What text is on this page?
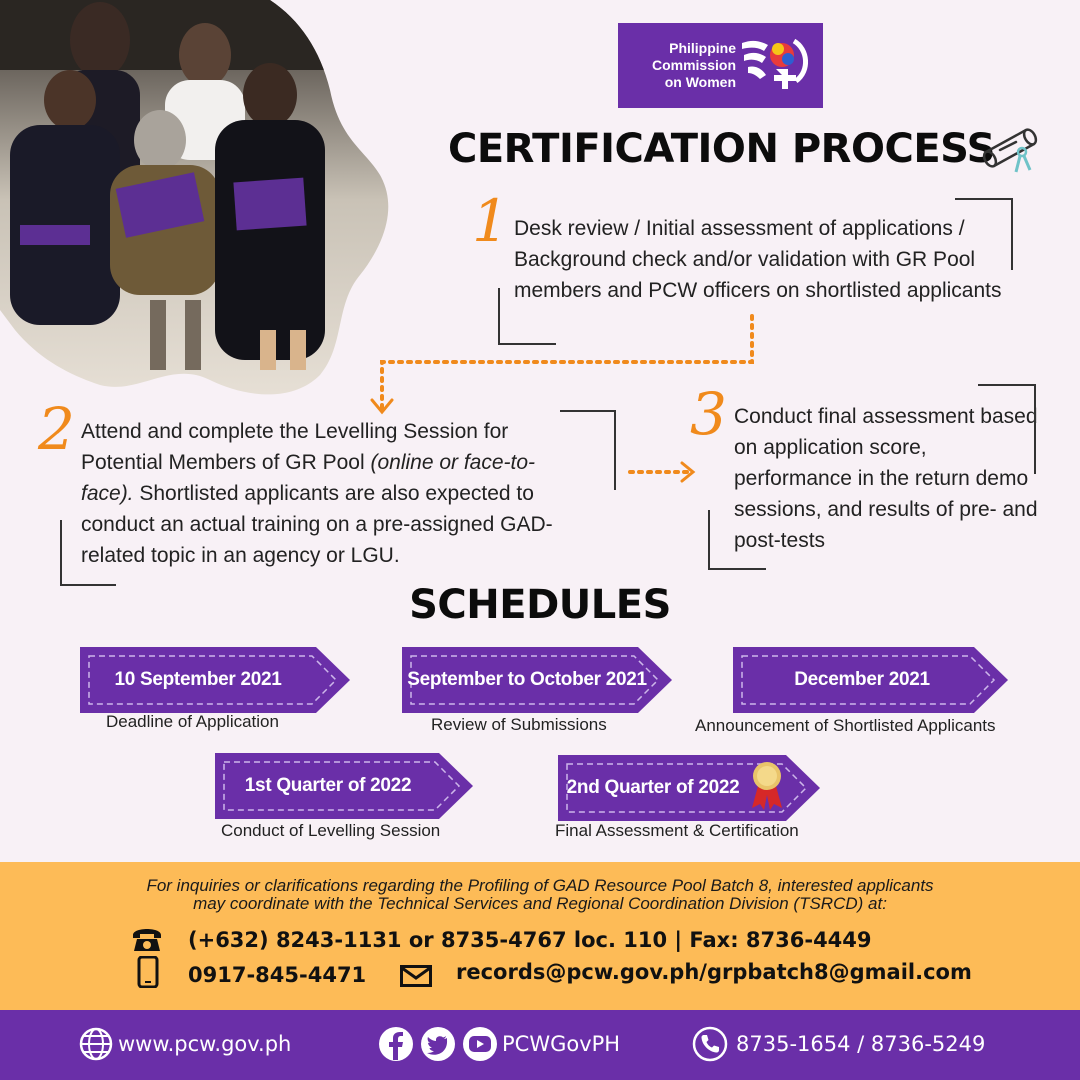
Philippine
Commission
on Women
CERTIFICATION PROCESS
1 Desk review / Initial assessment of applications / Background check and/or validation with GR Pool members and PCW officers on shortlisted applicants
2 Attend and complete the Levelling Session for Potential Members of GR Pool (online or face-to-face). Shortlisted applicants are also expected to conduct an actual training on a pre-assigned GAD-related topic in an agency or LGU.
3 Conduct final assessment based on application score, performance in the return demo sessions, and results of pre- and post-tests
SCHEDULES
10 September 2021
Deadline of Application
September to October 2021
Review of Submissions
December 2021
Announcement of Shortlisted Applicants
1st Quarter of 2022
Conduct of Levelling Session
2nd Quarter of 2022
Final Assessment & Certification
For inquiries or clarifications regarding the Profiling of GAD Resource Pool Batch 8, interested applicants
may coordinate with the Technical Services and Regional Coordination Division (TSRCD) at:
(+632) 8243-1131 or 8735-4767 loc. 110 | Fax: 8736-4449
0917-845-4471	records@pcw.gov.ph/grpbatch8@gmail.com
www.pcw.gov.ph	PCWGovPH	8735-1654 / 8736-5249
